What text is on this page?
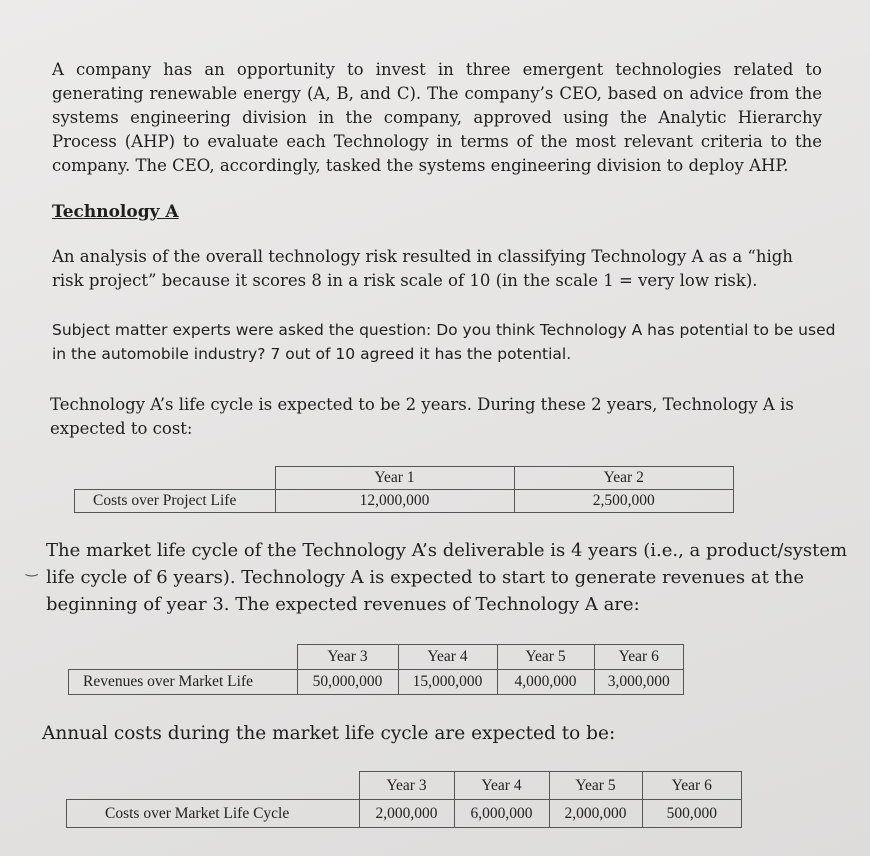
A company has an opportunity to invest in three emergent technologies related to generating renewable energy (A, B, and C). The company’s CEO, based on advice from the systems engineering division in the company, approved using the Analytic Hierarchy Process (AHP) to evaluate each Technology in terms of the most relevant criteria to the company. The CEO, accordingly, tasked the systems engineering division to deploy AHP.

Technology A

An analysis of the overall technology risk resulted in classifying Technology A as a “high risk project” because it scores 8 in a risk scale of 10 (in the scale 1 = very low risk).

Subject matter experts were asked the question: Do you think Technology A has potential to be used in the automobile industry? 7 out of 10 agreed it has the potential.

Technology A’s life cycle is expected to be 2 years. During these 2 years, Technology A is expected to cost:

	Year 1	Year 2
Costs over Project Life	12,000,000	2,500,000
‿

The market life cycle of the Technology A’s deliverable is 4 years (i.e., a product/system life cycle of 6 years). Technology A is expected to start to generate revenues at the beginning of year 3. The expected revenues of Technology A are:

	Year 3	Year 4	Year 5	Year 6
Revenues over Market Life	50,000,000	15,000,000	4,000,000	3,000,000

Annual costs during the market life cycle are expected to be:

	Year 3	Year 4	Year 5	Year 6
Costs over Market Life Cycle	2,000,000	6,000,000	2,000,000	500,000
